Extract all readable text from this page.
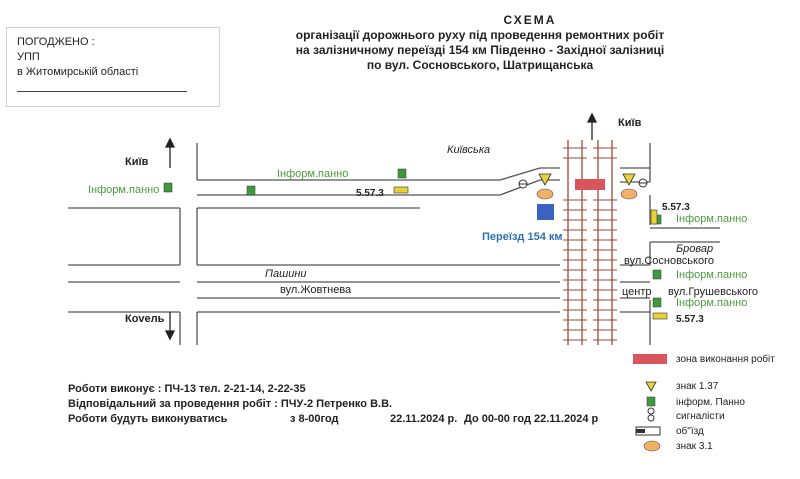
ПОГОДЖЕНО :
УПП
в Житомирській області
СХЕМА
організації дорожнього руху під проведення ремонтних робіт
на залізничному переїзді 154 км Південно - Західної залізниці
по вул. Сосновського, Шатрищанська
Київська
Київ
Київ
Коvель
Пашини
вул.Жовтнева
Переїзд 154 км
Бровар
вул.Сосновського
центр вул.Грушевського
Інформ.панно
Інформ.панно
Інформ.панно
Інформ.панно
Інформ.панно
5.57.3
5.57.3
5.57.3
зона виконання робіт
знак 1.37
інформ. Панно
сигналісти
об"їзд
знак 3.1
Роботи виконує : ПЧ-13 тел. 2-21-14, 2-22-35
Відповідальний за проведення робіт : ПЧУ-2 Петренко В.В.
Роботи будуть виконуватись	з 8-00год	22.11.2024 р. До 00-00 год 22.11.2024 р
